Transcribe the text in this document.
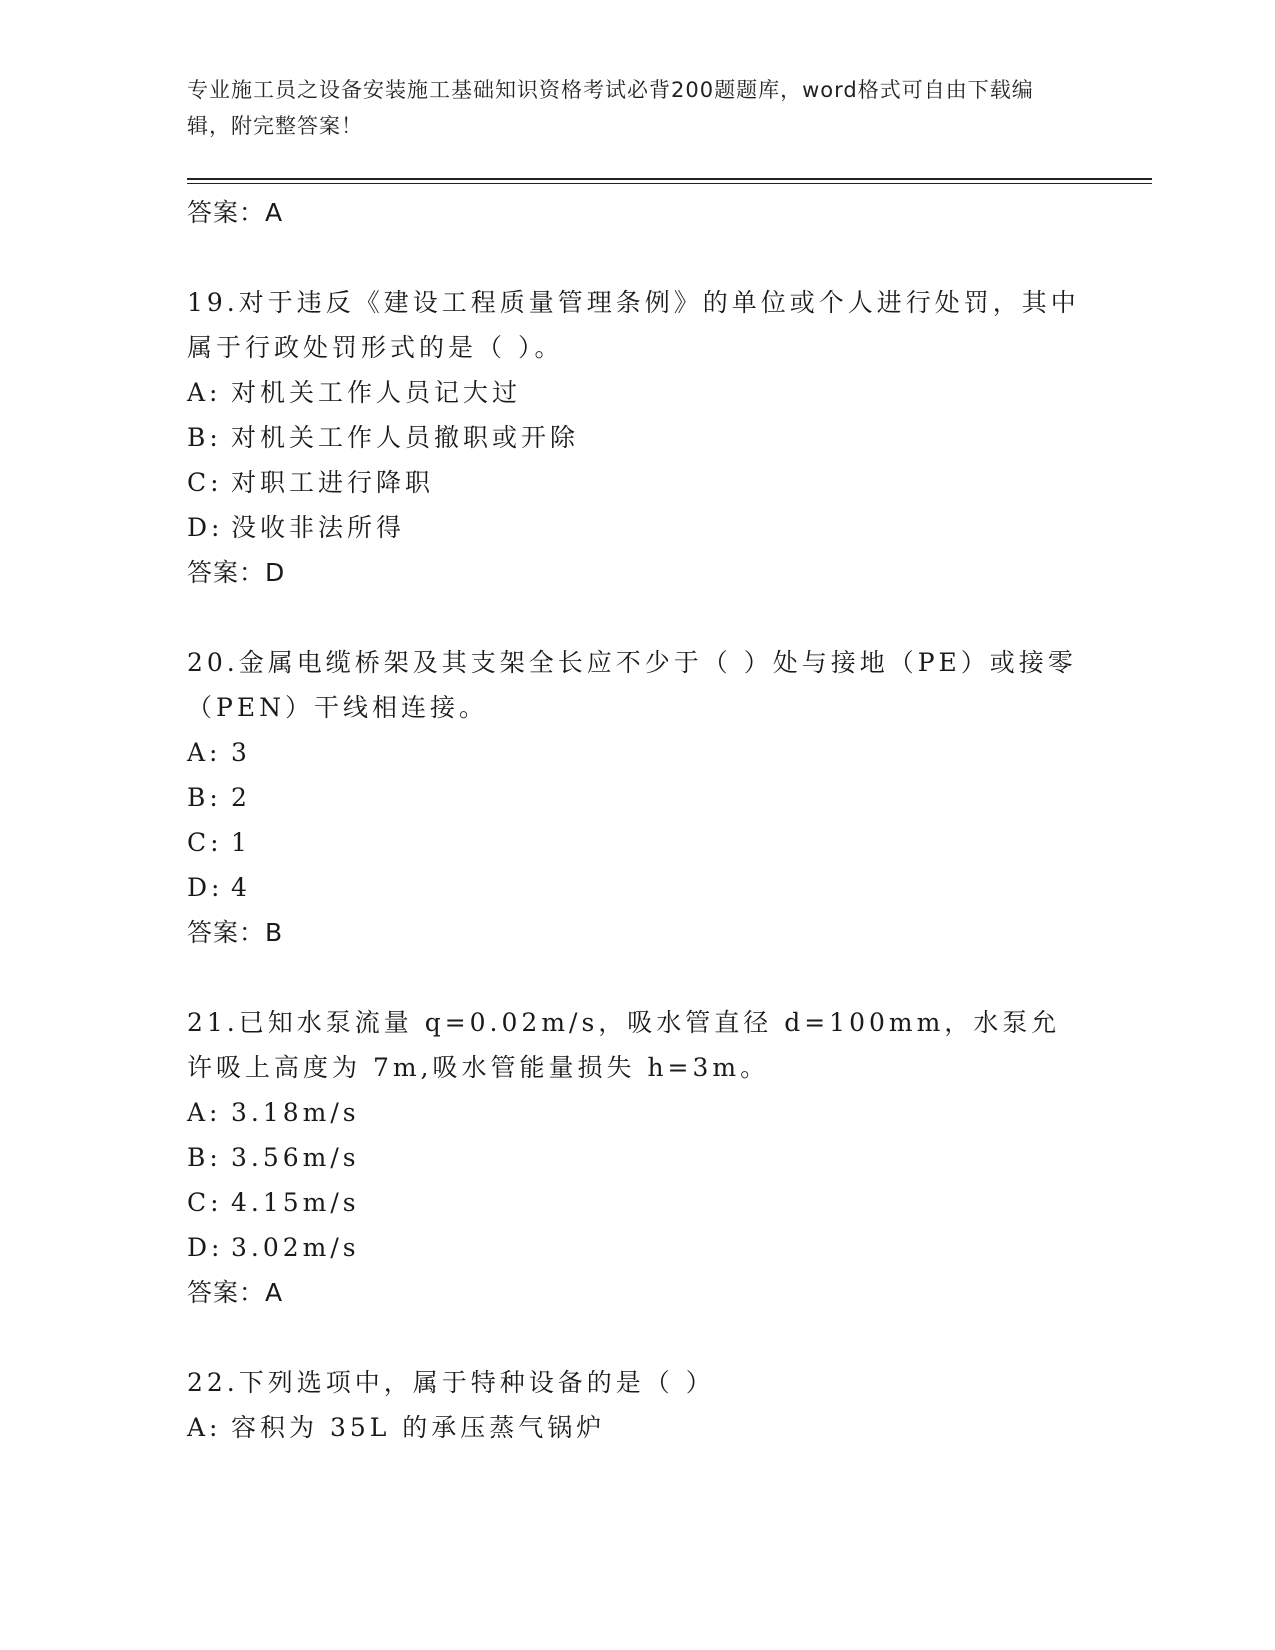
专业施工员之设备安装施工基础知识资格考试必背200题题库，word格式可自由下载编辑，附完整答案！
答案：A
19.对于违反《建设工程质量管理条例》的单位或个人进行处罚，其中属于行政处罚形式的是（ ）。
A: 对机关工作人员记大过
B: 对机关工作人员撤职或开除
C: 对职工进行降职
D: 没收非法所得
答案：D
20.金属电缆桥架及其支架全长应不少于（ ）处与接地（PE）或接零（PEN）干线相连接。
A: 3
B: 2
C: 1
D: 4
答案：B
21.已知水泵流量 q=0.02m/s，吸水管直径 d=100mm，水泵允许吸上高度为 7m,吸水管能量损失 h=3m。
A: 3.18m/s
B: 3.56m/s
C: 4.15m/s
D: 3.02m/s
答案：A
22.下列选项中，属于特种设备的是（ ）
A: 容积为 35L 的承压蒸气锅炉
